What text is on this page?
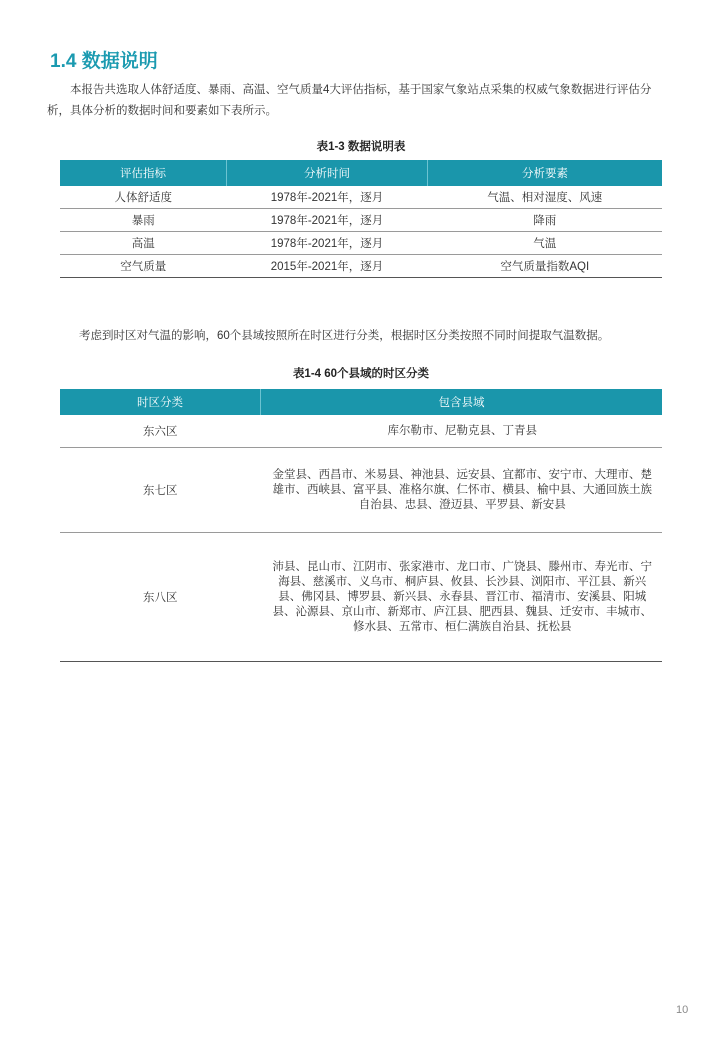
1.4 数据说明

本报告共选取人体舒适度、暴雨、高温、空气质量4大评估指标，基于国家气象站点采集的权威气象数据进行评估分析，具体分析的数据时间和要素如下表所示。

表1-3 数据说明表

评估指标	分析时间	分析要素
人体舒适度	1978年-2021年，逐月	气温、相对湿度、风速
暴雨	1978年-2021年，逐月	降雨
高温	1978年-2021年，逐月	气温
空气质量	2015年-2021年，逐月	空气质量指数AQI

考虑到时区对气温的影响，60个县域按照所在时区进行分类，根据时区分类按照不同时间提取气温数据。

表1-4 60个县域的时区分类

时区分类	包含县域
东六区	库尔勒市、尼勒克县、丁青县
东七区	金堂县、西昌市、米易县、神池县、远安县、宜都市、安宁市、大理市、楚雄市、西峡县、富平县、准格尔旗、仁怀市、横县、榆中县、大通回族土族自治县、忠县、澄迈县、平罗县、新安县
东八区	沛县、昆山市、江阴市、张家港市、龙口市、广饶县、滕州市、寿光市、宁海县、慈溪市、义乌市、桐庐县、攸县、长沙县、浏阳市、平江县、新兴县、佛冈县、博罗县、新兴县、永春县、晋江市、福清市、安溪县、阳城县、沁源县、京山市、新郑市、庐江县、肥西县、魏县、迁安市、丰城市、修水县、五常市、桓仁满族自治县、抚松县
10
